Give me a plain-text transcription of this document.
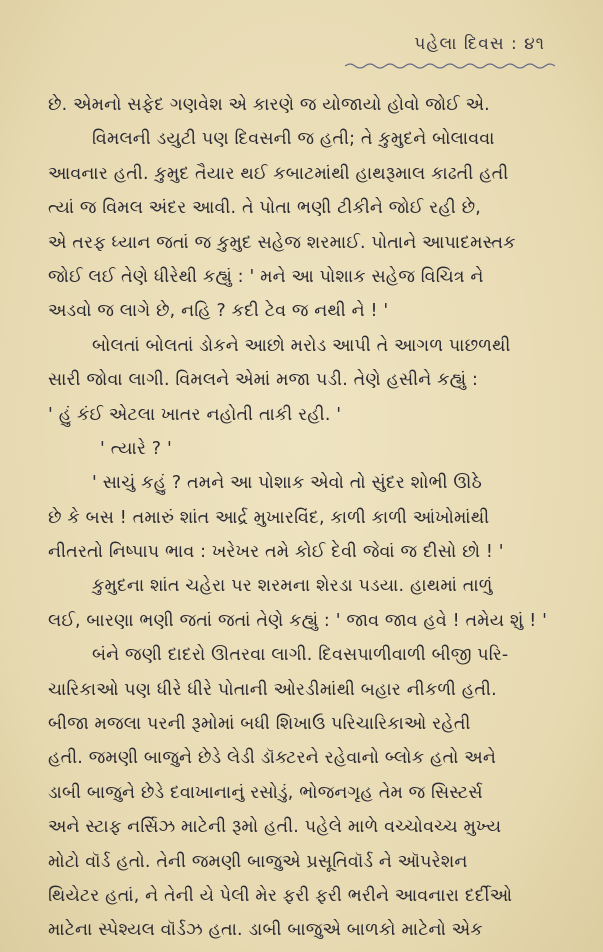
પહેલા દિવસ : ૪૧
છે. એમનો સફેદ ગણવેશ એ કારણે જ યોજાયો હોવો જોઈ એ.
વિમલની ડયુટી પણ દિવસની જ હતી; તે કુમુદને બોલાવવા
આવનાર હતી. કુમુદ તૈયાર થઈ કબાટમાંથી હાથરૂમાલ કાઢતી હતી
ત્યાં જ વિમલ અંદર આવી. તે પોતા ભણી ટીકીને જોઈ રહી છે,
એ તરફ ધ્યાન જતાં જ કુમુદ સહેજ શરમાઈ. પોતાને આપાદમસ્તક
જોઈ લઈ તેણે ધીરેથી કહ્યું : ' મને આ પોશાક સહેજ વિચિત્ર ને
અડવો જ લાગે છે, નહિ ? કદી ટેવ જ નથી ને ! '
બોલતાં બોલતાં ડોકને આછો મરોડ આપી તે આગળ પાછળથી
સારી જોવા લાગી. વિમલને એમાં મજા પડી. તેણે હસીને કહ્યું :
' હું કંઈ એટલા ખાતર નહોતી તાકી રહી. '
' ત્યારે ? '
' સાચું કહું ? તમને આ પોશાક એવો તો સુંદર શોભી ઊઠે
છે કે બસ ! તમારું શાંત આર્દ્ર મુખારવિંદ, કાળી કાળી આંખોમાંથી
નીતરતો નિષ્પાપ ભાવ : ખરેખર તમે કોઈ દેવી જેવાં જ દીસો છો ! '
કુમુદના શાંત ચહેરા પર શરમના શેરડા પડયા. હાથમાં તાળું
લઈ, બારણા ભણી જતાં જતાં તેણે કહ્યું : ' જાવ જાવ હવે ! તમેય શું ! '
બંને જણી દાદરો ઊતરવા લાગી. દિવસપાળીવાળી બીજી પરિ-
ચારિકાઓ પણ ધીરે ધીરે પોતાની ઓરડીમાંથી બહાર નીકળી હતી.
બીજા મજલા પરની રૂમોમાં બધી શિખાઉ પરિચારિકાઓ રહેતી
હતી. જમણી બાજુને છેડે લેડી ડૉક્ટરને રહેવાનો બ્લોક હતો અને
ડાબી બાજુને છેડે દવાખાનાનું રસોડું, ભોજનગૃહ તેમ જ સિસ્ટર્સ
અને સ્ટાફ નર્સિઝ માટેની રૂમો હતી. પહેલે માળે વચ્ચોવચ્ચ મુખ્ય
મોટો વૉર્ડ હતો. તેની જમણી બાજુએ પ્રસૂતિવૉર્ડ ને ઑપરેશન
થિયેટર હતાં, ને તેની યે પેલી મેર ફરી ફરી ભરીને આવનારા દર્દીઓ
માટેના સ્પેશ્યલ વૉર્ડઝ હતા. ડાબી બાજુએ બાળકો માટેનો એક
